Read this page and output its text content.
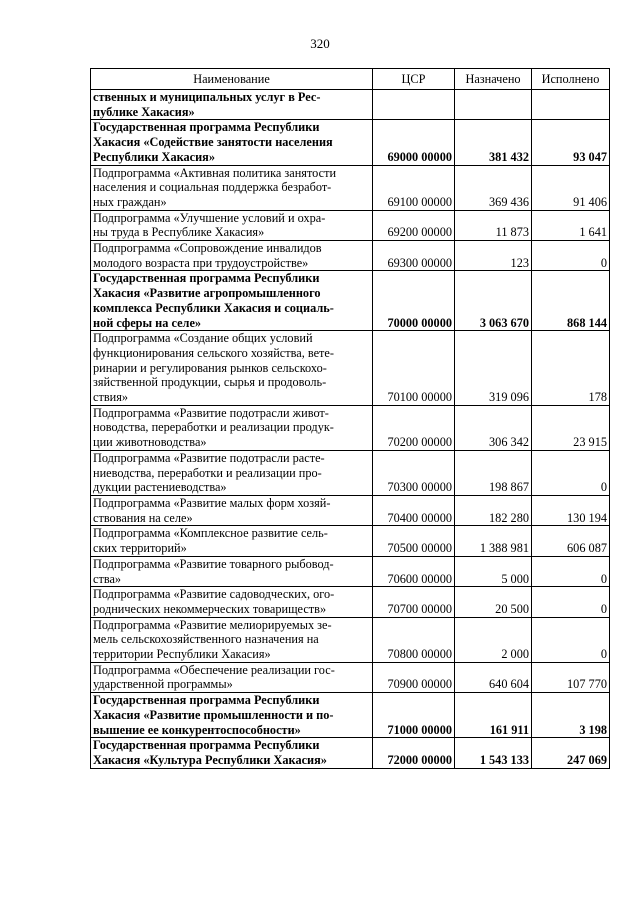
320
Наименование	ЦСР	Назначено	Исполнено
ственных и муниципальных услуг в Рес-
публике Хакасия»			
Государственная программа Республики
Хакасия «Содействие занятости населения
Республики Хакасия»	69000 00000	381 432	93 047
Подпрограмма «Активная политика занятости
населения и социальная поддержка безработ-
ных граждан»	69100 00000	369 436	91 406
Подпрограмма «Улучшение условий и охра-
ны труда в Республике Хакасия»	69200 00000	11 873	1 641
Подпрограмма «Сопровождение инвалидов
молодого возраста при трудоустройстве»	69300 00000	123	0
Государственная программа Республики
Хакасия «Развитие агропромышленного
комплекса Республики Хакасия и социаль-
ной сферы на селе»	70000 00000	3 063 670	868 144
Подпрограмма «Создание общих условий
функционирования сельского хозяйства, вете-
ринарии и регулирования рынков сельскохо-
зяйственной продукции, сырья и продоволь-
ствия»	70100 00000	319 096	178
Подпрограмма «Развитие подотрасли живот-
новодства, переработки и реализации продук-
ции животноводства»	70200 00000	306 342	23 915
Подпрограмма «Развитие подотрасли расте-
ниеводства, переработки и реализации про-
дукции растениеводства»	70300 00000	198 867	0
Подпрограмма «Развитие малых форм хозяй-
ствования на селе»	70400 00000	182 280	130 194
Подпрограмма «Комплексное развитие сель-
ских территорий»	70500 00000	1 388 981	606 087
Подпрограмма «Развитие товарного рыбовод-
ства»	70600 00000	5 000	0
Подпрограмма «Развитие садоводческих, ого-
роднических некоммерческих товариществ»	70700 00000	20 500	0
Подпрограмма «Развитие мелиорируемых зе-
мель сельскохозяйственного назначения на
территории Республики Хакасия»	70800 00000	2 000	0
Подпрограмма «Обеспечение реализации гос-
ударственной программы»	70900 00000	640 604	107 770
Государственная программа Республики
Хакасия «Развитие промышленности и по-
вышение ее конкурентоспособности»	71000 00000	161 911	3 198
Государственная программа Республики
Хакасия «Культура Республики Хакасия»	72000 00000	1 543 133	247 069
